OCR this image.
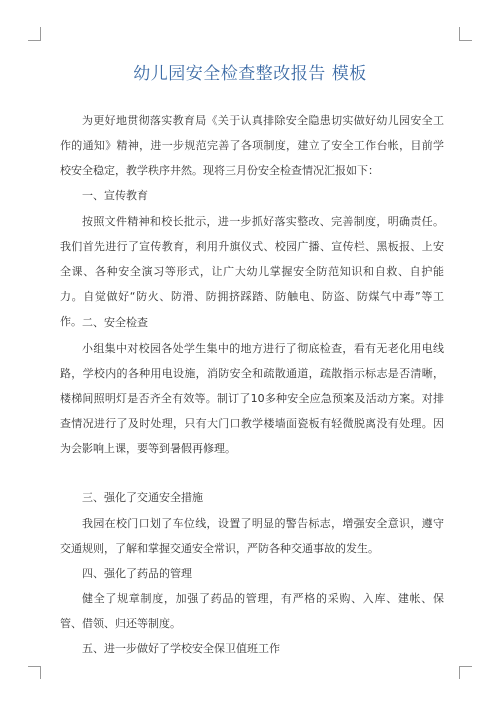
幼儿园安全检查整改报告 模板

为更好地贯彻落实教育局《关于认真排除安全隐患切实做好幼儿园安全工作的通知》精神，进一步规范完善了各项制度，建立了安全工作台帐，目前学校安全稳定，教学秩序井然。现将三月份安全检查情况汇报如下：

一、宣传教育

按照文件精神和校长批示，进一步抓好落实整改、完善制度，明确责任。我们首先进行了宣传教育，利用升旗仪式、校园广播、宣传栏、黑板报、上安全课、各种安全演习等形式，让广大幼儿掌握安全防范知识和自救、自护能力。自觉做好“防火、防滑、防拥挤踩踏、防触电、防盗、防煤气中毒”等工作。 二、安全检查

小组集中对校园各处学生集中的地方进行了彻底检查，看有无老化用电线路，学校内的各种用电设施，消防安全和疏散通道，疏散指示标志是否清晰，楼梯间照明灯是否齐全有效等。制订了10多种安全应急预案及活动方案。对排查情况进行了及时处理，只有大门口教学楼墙面瓷板有轻微脱离没有处理。因为会影响上课，要等到暑假再修理。

三、强化了交通安全措施

我园在校门口划了车位线，设置了明显的警告标志，增强安全意识，遵守交通规则，了解和掌握交通安全常识，严防各种交通事故的发生。

四、强化了药品的管理

健全了规章制度，加强了药品的管理，有严格的采购、入库、建帐、保管、借领、归还等制度。

五、进一步做好了学校安全保卫值班工作
